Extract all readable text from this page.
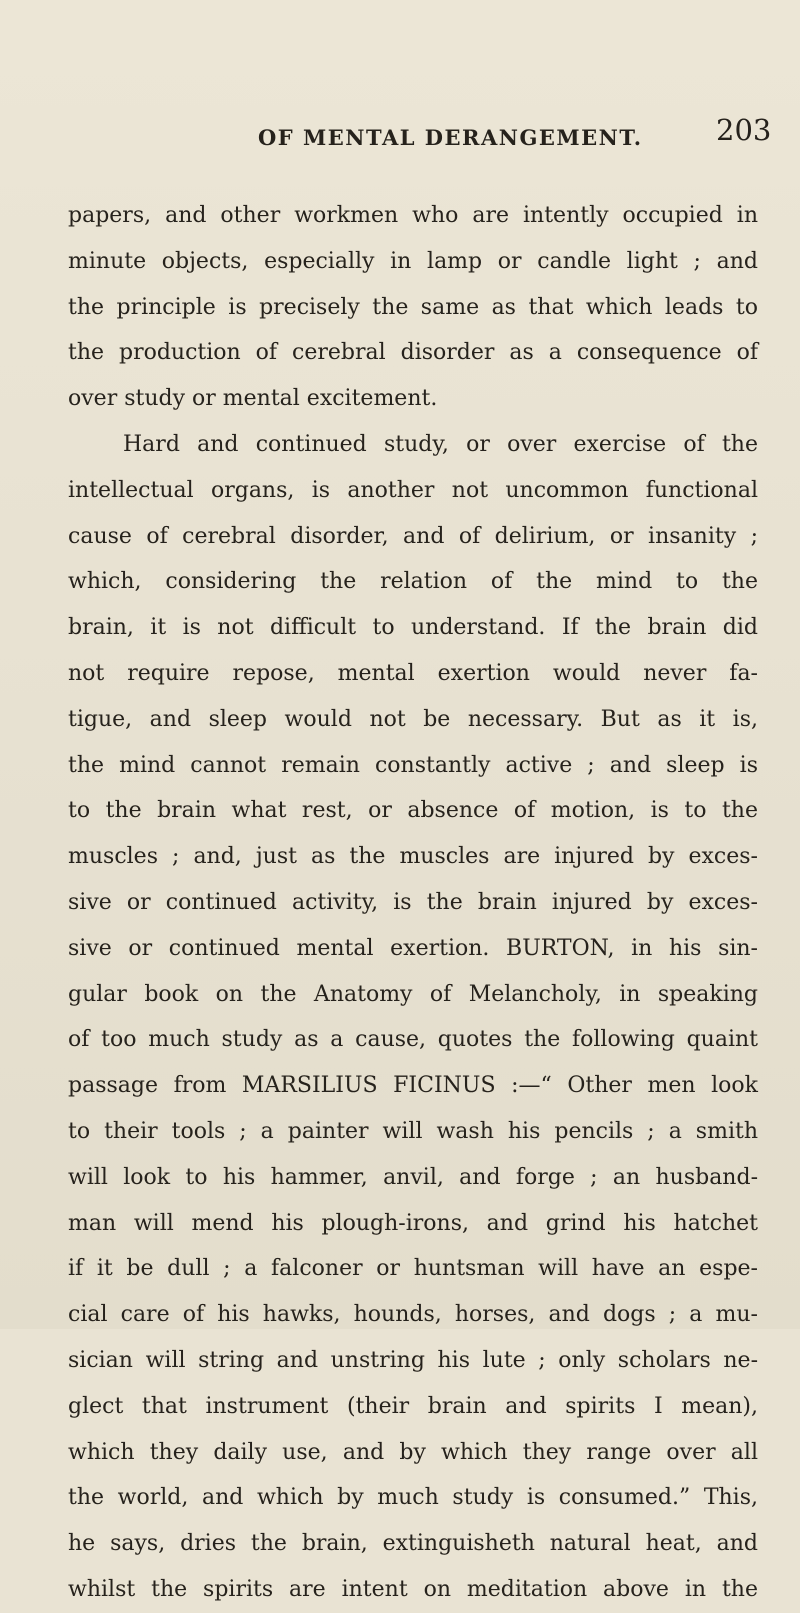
OF MENTAL DERANGEMENT.	203
papers, and other workmen who are intently occupied in
minute objects, especially in lamp or candle light ; and
the principle is precisely the same as that which leads to
the production of cerebral disorder as a consequence of
over study or mental excitement.
Hard and continued study, or over exercise of the
intellectual organs, is another not uncommon functional
cause of cerebral disorder, and of delirium, or insanity ;
which, considering the relation of the mind to the
brain, it is not difficult to understand. If the brain did
not require repose, mental exertion would never fa-
tigue, and sleep would not be necessary. But as it is,
the mind cannot remain constantly active ; and sleep is
to the brain what rest, or absence of motion, is to the
muscles ; and, just as the muscles are injured by exces-
sive or continued activity, is the brain injured by exces-
sive or continued mental exertion. BURTON, in his sin-
gular book on the Anatomy of Melancholy, in speaking
of too much study as a cause, quotes the following quaint
passage from MARSILIUS FICINUS :—“ Other men look
to their tools ; a painter will wash his pencils ; a smith
will look to his hammer, anvil, and forge ; an husband-
man will mend his plough-irons, and grind his hatchet
if it be dull ; a falconer or huntsman will have an espe-
cial care of his hawks, hounds, horses, and dogs ; a mu-
sician will string and unstring his lute ; only scholars ne-
glect that instrument (their brain and spirits I mean),
which they daily use, and by which they range over all
the world, and which by much study is consumed.” This,
he says, dries the brain, extinguisheth natural heat, and
whilst the spirits are intent on meditation above in the
